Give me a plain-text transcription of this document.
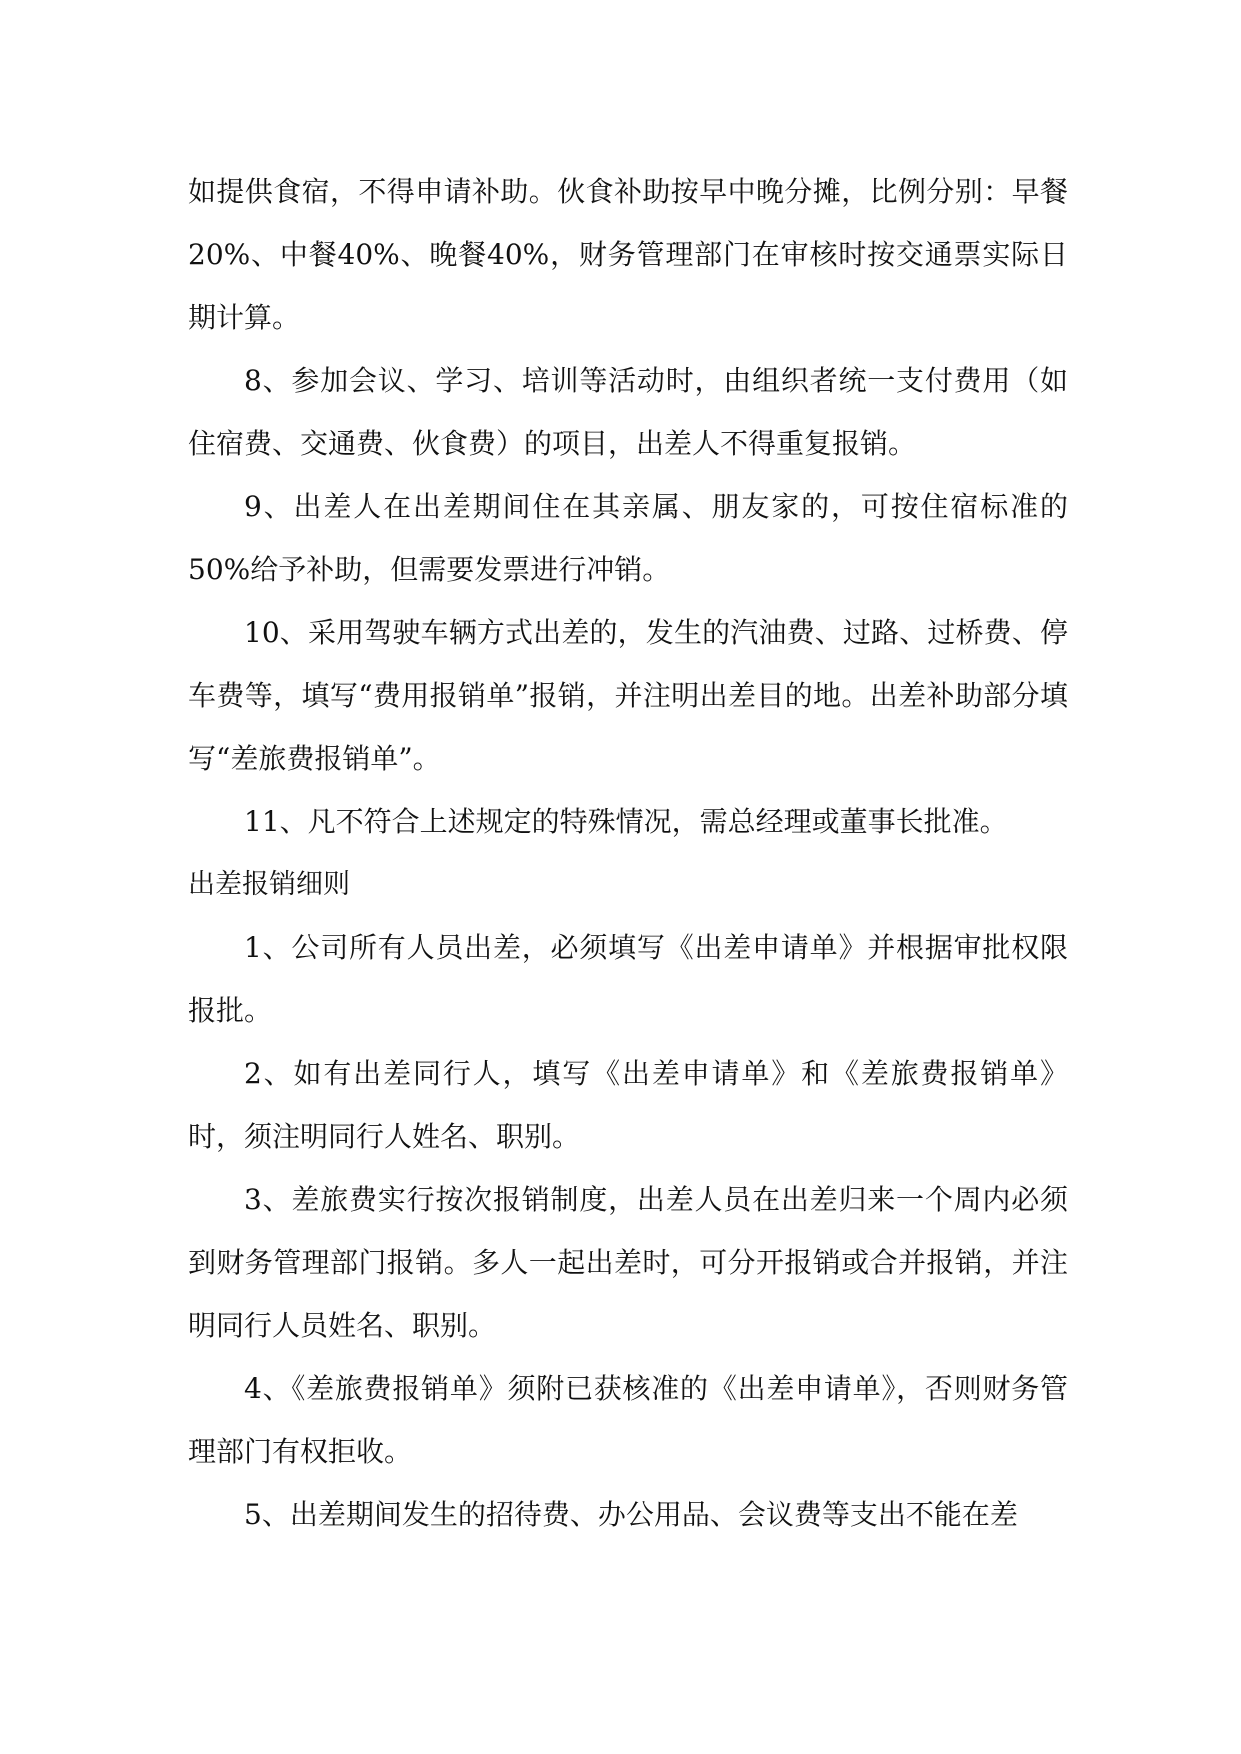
如提供食宿，不得申请补助。伙食补助按早中晚分摊，比例分别：早餐20%、中餐40%、晚餐40%，财务管理部门在审核时按交通票实际日期计算。

8、参加会议、学习、培训等活动时，由组织者统一支付费用（如住宿费、交通费、伙食费）的项目，出差人不得重复报销。

9、出差人在出差期间住在其亲属、朋友家的，可按住宿标准的50%给予补助，但需要发票进行冲销。

10、采用驾驶车辆方式出差的，发生的汽油费、过路、过桥费、停车费等，填写“费用报销单”报销，并注明出差目的地。出差补助部分填写“差旅费报销单”。

11、凡不符合上述规定的特殊情况，需总经理或董事长批准。

出差报销细则

1、公司所有人员出差，必须填写《出差申请单》并根据审批权限报批。

2、如有出差同行人，填写《出差申请单》和《差旅费报销单》时，须注明同行人姓名、职别。

3、差旅费实行按次报销制度，出差人员在出差归来一个周内必须到财务管理部门报销。多人一起出差时，可分开报销或合并报销，并注明同行人员姓名、职别。

4、《差旅费报销单》须附已获核准的《出差申请单》，否则财务管理部门有权拒收。

5、出差期间发生的招待费、办公用品、会议费等支出不能在差
